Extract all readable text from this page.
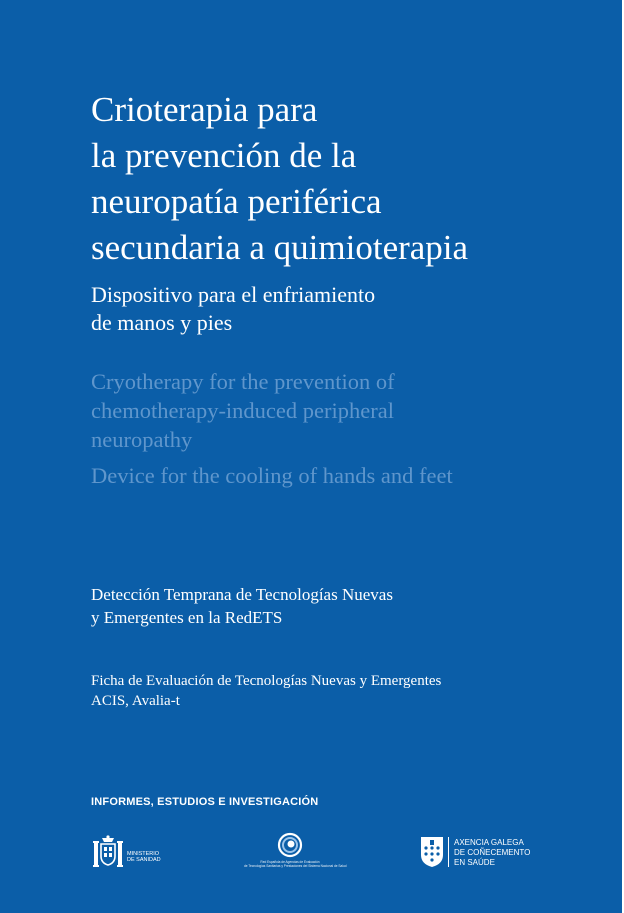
Crioterapia para
la prevención de la
neuropatía periférica
secundaria a quimioterapia

Dispositivo para el enfriamiento
de manos y pies

Cryotherapy for the prevention of
chemotherapy-induced peripheral
neuropathy

Device for the cooling of hands and feet

Detección Temprana de Tecnologías Nuevas
y Emergentes en la RedETS

Ficha de Evaluación de Tecnologías Nuevas y Emergentes
ACIS, Avalia-t

INFORMES, ESTUDIOS E INVESTIGACIÓN
MINISTERIO
DE SANIDAD	Red Española de Agencias de Evaluación
de Tecnologías Sanitarias y Prestaciones del Sistema Nacional de Salud
AXENCIA GALEGA
DE COÑECEMENTO
EN SAÚDE
